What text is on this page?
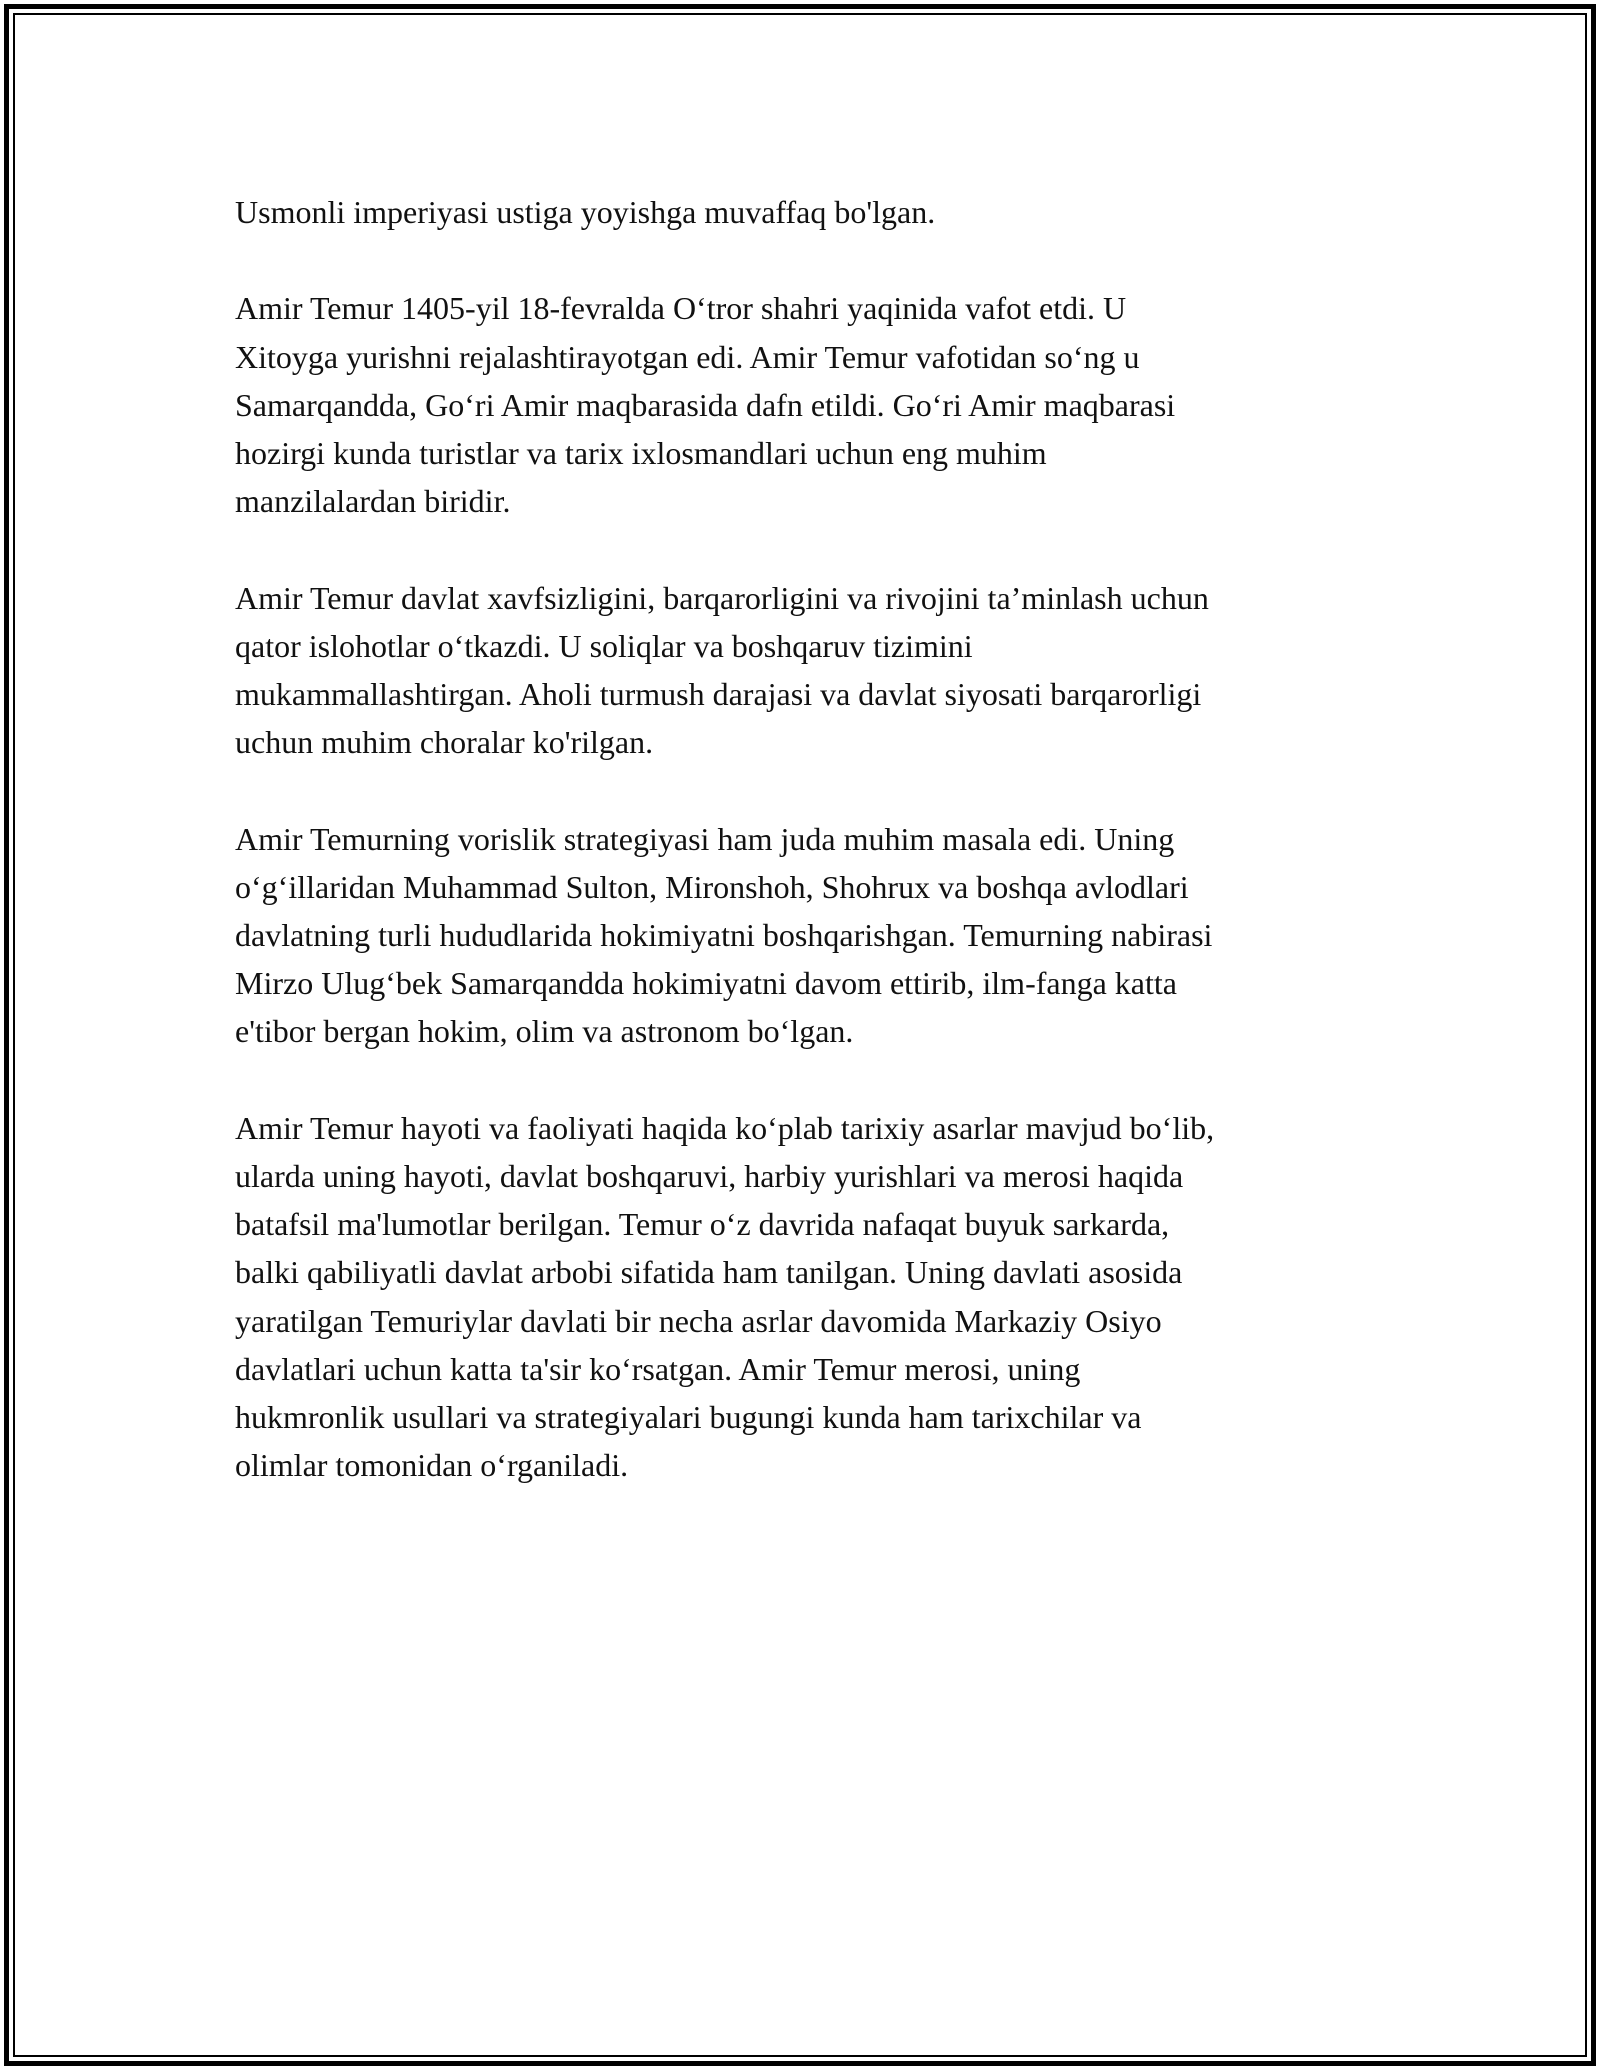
Usmonli imperiyasi ustiga yoyishga muvaffaq bo'lgan.

Amir Temur 1405-yil 18-fevralda O‘tror shahri yaqinida vafot etdi. U
Xitoyga yurishni rejalashtirayotgan edi. Amir Temur vafotidan so‘ng u
Samarqandda, Go‘ri Amir maqbarasida dafn etildi. Go‘ri Amir maqbarasi
hozirgi kunda turistlar va tarix ixlosmandlari uchun eng muhim
manzilalardan biridir.

Amir Temur davlat xavfsizligini, barqarorligini va rivojini ta’minlash uchun
qator islohotlar o‘tkazdi. U soliqlar va boshqaruv tizimini
mukammallashtirgan. Aholi turmush darajasi va davlat siyosati barqarorligi
uchun muhim choralar ko'rilgan.

Amir Temurning vorislik strategiyasi ham juda muhim masala edi. Uning
o‘g‘illaridan Muhammad Sulton, Mironshoh, Shohrux va boshqa avlodlari
davlatning turli hududlarida hokimiyatni boshqarishgan. Temurning nabirasi
Mirzo Ulug‘bek Samarqandda hokimiyatni davom ettirib, ilm-fanga katta
e'tibor bergan hokim, olim va astronom bo‘lgan.

Amir Temur hayoti va faoliyati haqida ko‘plab tarixiy asarlar mavjud bo‘lib,
ularda uning hayoti, davlat boshqaruvi, harbiy yurishlari va merosi haqida
batafsil ma'lumotlar berilgan. Temur o‘z davrida nafaqat buyuk sarkarda,
balki qabiliyatli davlat arbobi sifatida ham tanilgan. Uning davlati asosida
yaratilgan Temuriylar davlati bir necha asrlar davomida Markaziy Osiyo
davlatlari uchun katta ta'sir ko‘rsatgan. Amir Temur merosi, uning
hukmronlik usullari va strategiyalari bugungi kunda ham tarixchilar va
olimlar tomonidan o‘rganiladi.
